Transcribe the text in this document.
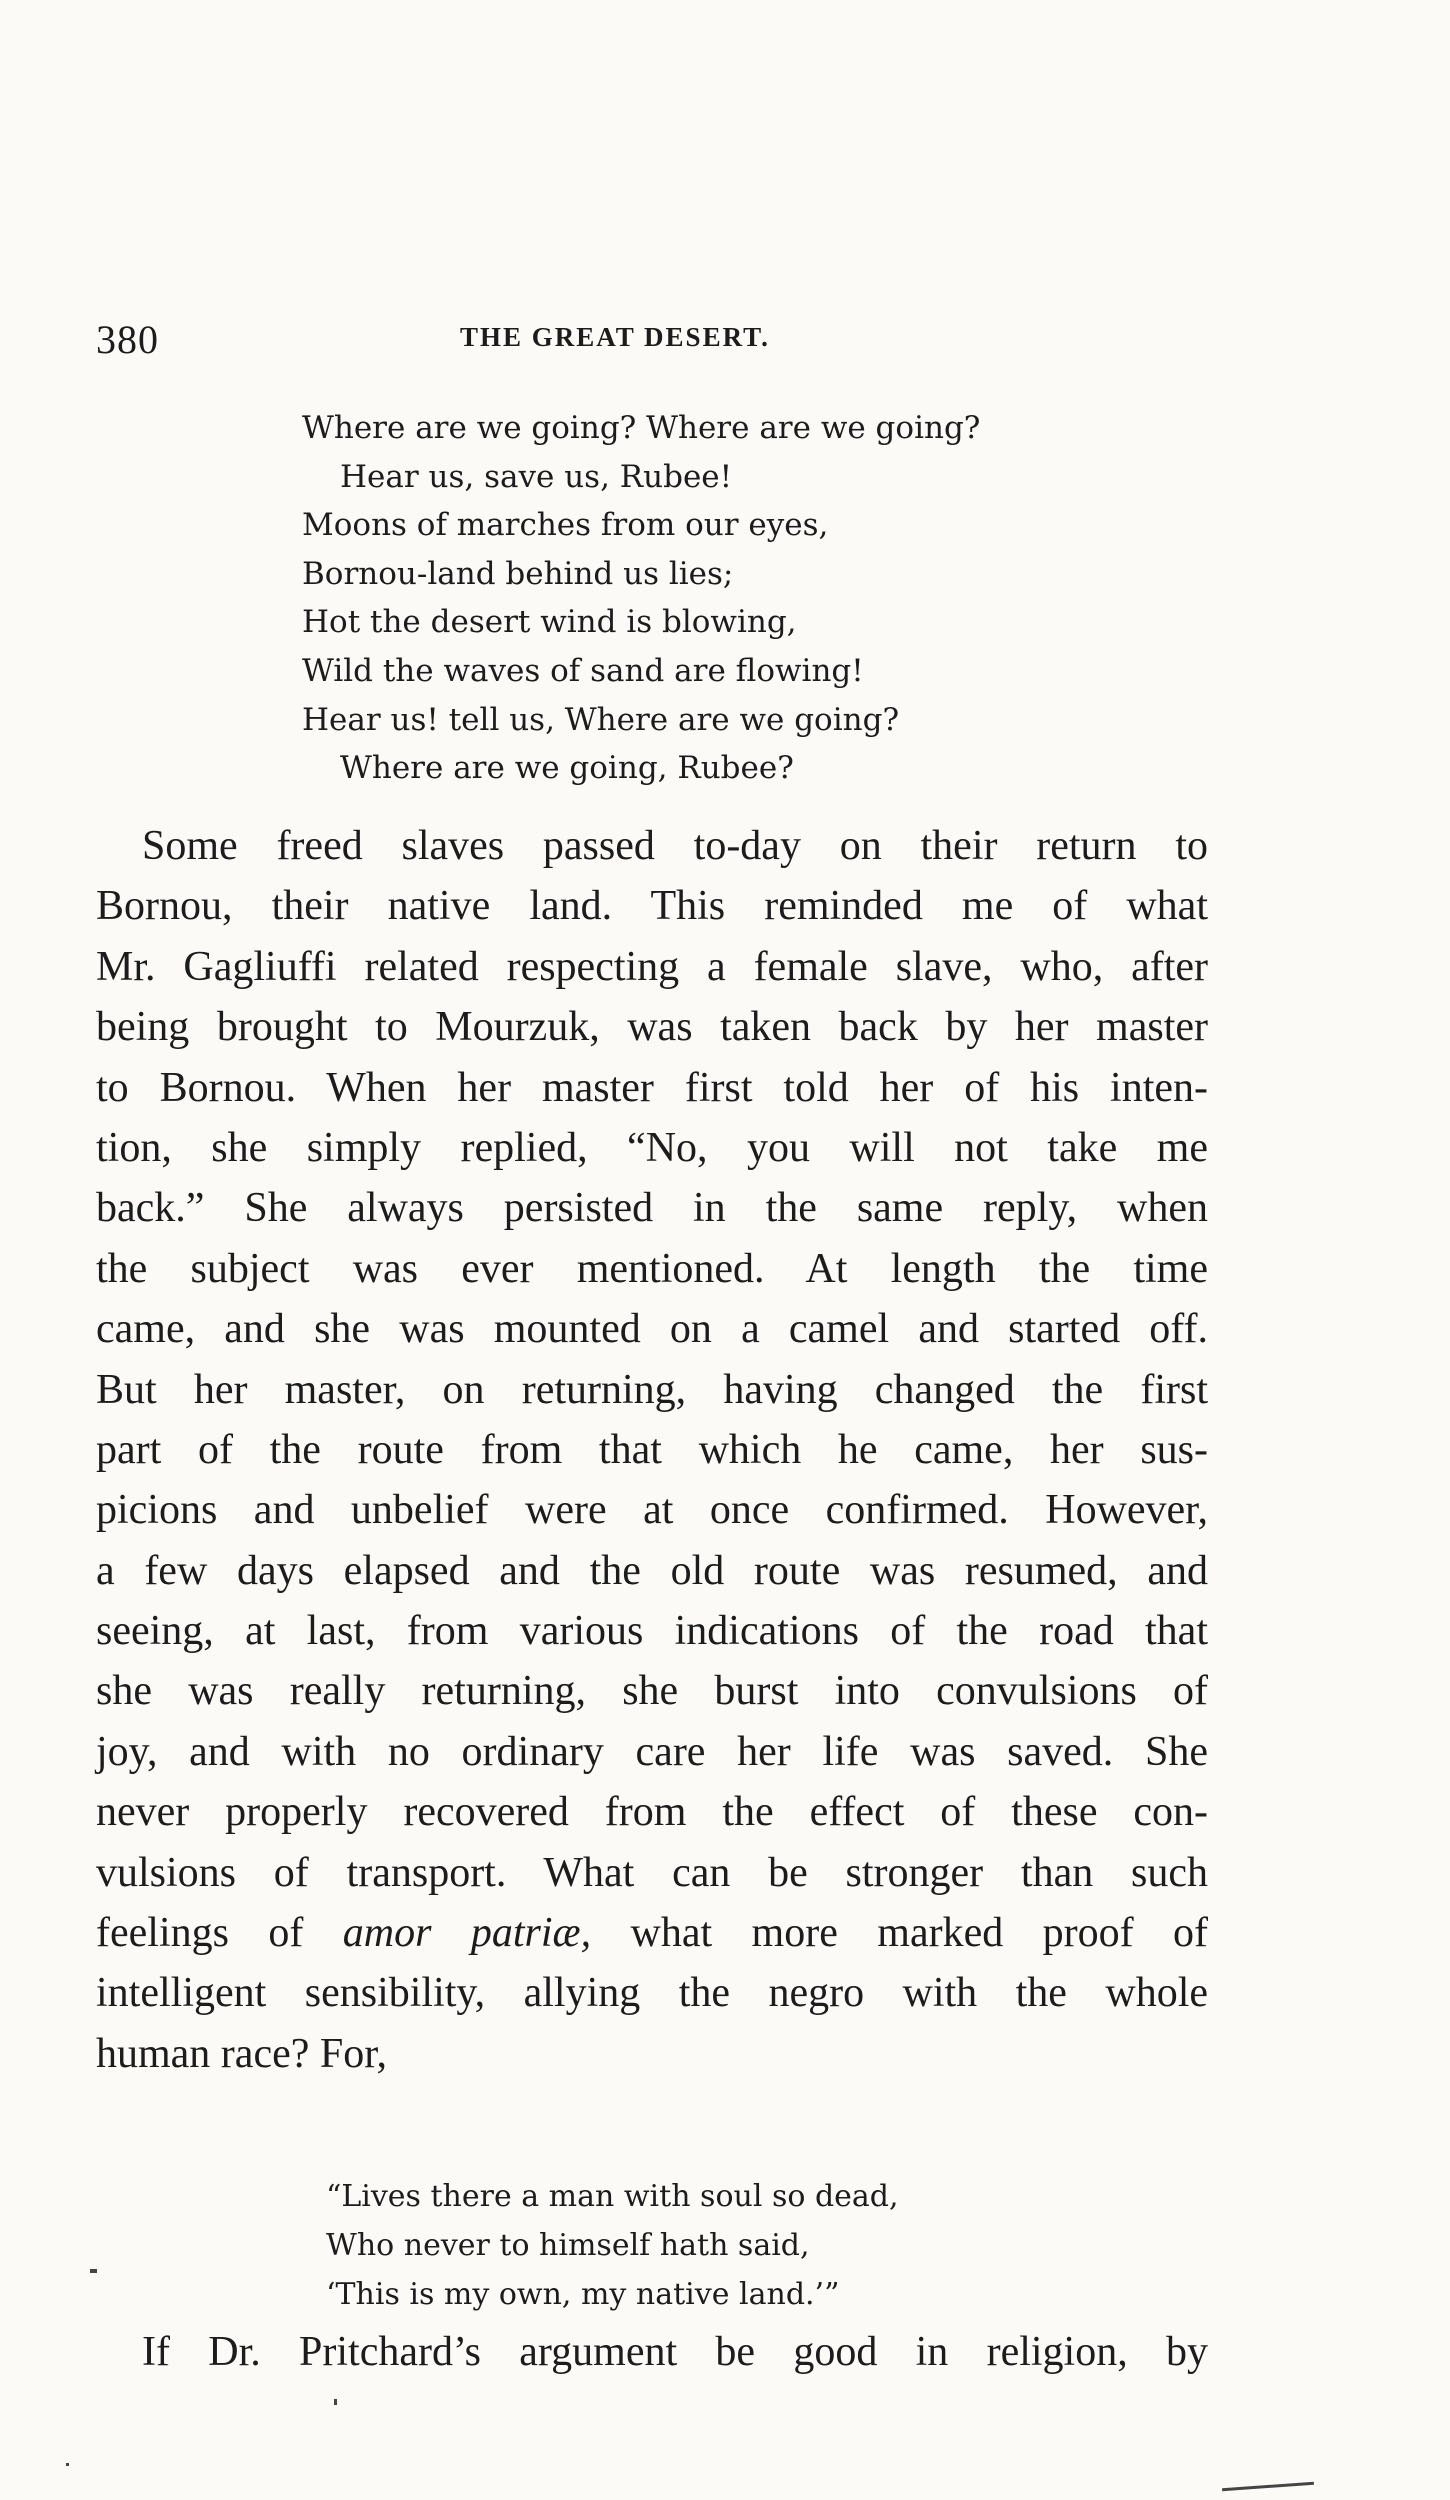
380	THE GREAT DESERT.
Where are we going? Where are we going?
Hear us, save us, Rubee!
Moons of marches from our eyes,
Bornou-land behind us lies;
Hot the desert wind is blowing,
Wild the waves of sand are flowing!
Hear us! tell us, Where are we going?
Where are we going, Rubee?
Some freed slaves passed to-day on their return to
Bornou, their native land. This reminded me of what
Mr. Gagliuffi related respecting a female slave, who, after
being brought to Mourzuk, was taken back by her master
to Bornou. When her master first told her of his inten-
tion, she simply replied, “No, you will not take me
back.” She always persisted in the same reply, when
the subject was ever mentioned. At length the time
came, and she was mounted on a camel and started off.
But her master, on returning, having changed the first
part of the route from that which he came, her sus-
picions and unbelief were at once confirmed. However,
a few days elapsed and the old route was resumed, and
seeing, at last, from various indications of the road that
she was really returning, she burst into convulsions of
joy, and with no ordinary care her life was saved. She
never properly recovered from the effect of these con-
vulsions of transport. What can be stronger than such
feelings of amor patriæ, what more marked proof of
intelligent sensibility, allying the negro with the whole
human race? For,
“Lives there a man with soul so dead,
Who never to himself hath said,
‘This is my own, my native land.’”
If Dr. Pritchard’s argument be good in religion, by
